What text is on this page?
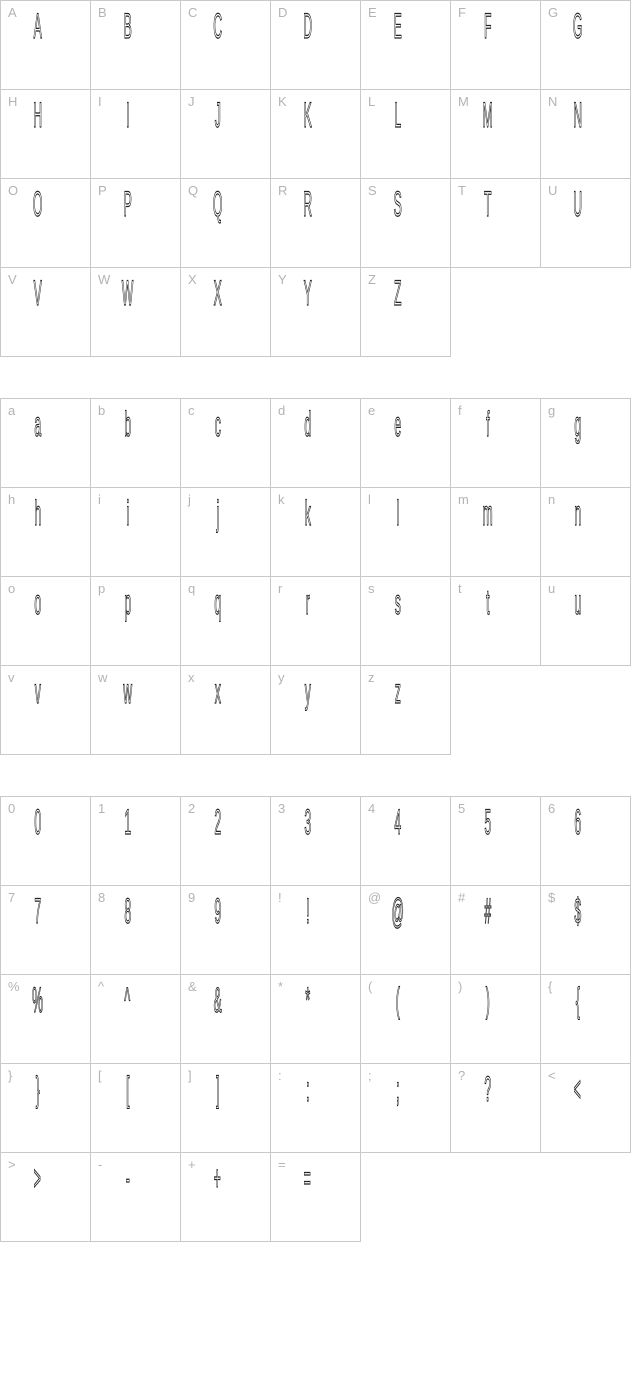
A A	B B	C C	D D	E E	F F	G G
H H	I I	J J	K K	L L	M M	N N
O O	P P	Q Q	R R	S S	T T	U U
V V	W W	X X	Y Y	Z Z
a a	b b	c c	d d	e e	f f	g g
h h	i i	j j	k k	l l	m m	n n
o o	p p	q q	r r	s s	t t	u u
v v	w w	x x	y y	z z
0 0	1 1	2 2	3 3	4 4	5 5	6 6
7 7	8 8	9 9	! !	@ @	# #	$ $
% %	^ ^	& &	* *	( (	) )	{ {
} }	[ [	] ]	: :	; ;	? ?	< <
> >	- -	+ +	= =
